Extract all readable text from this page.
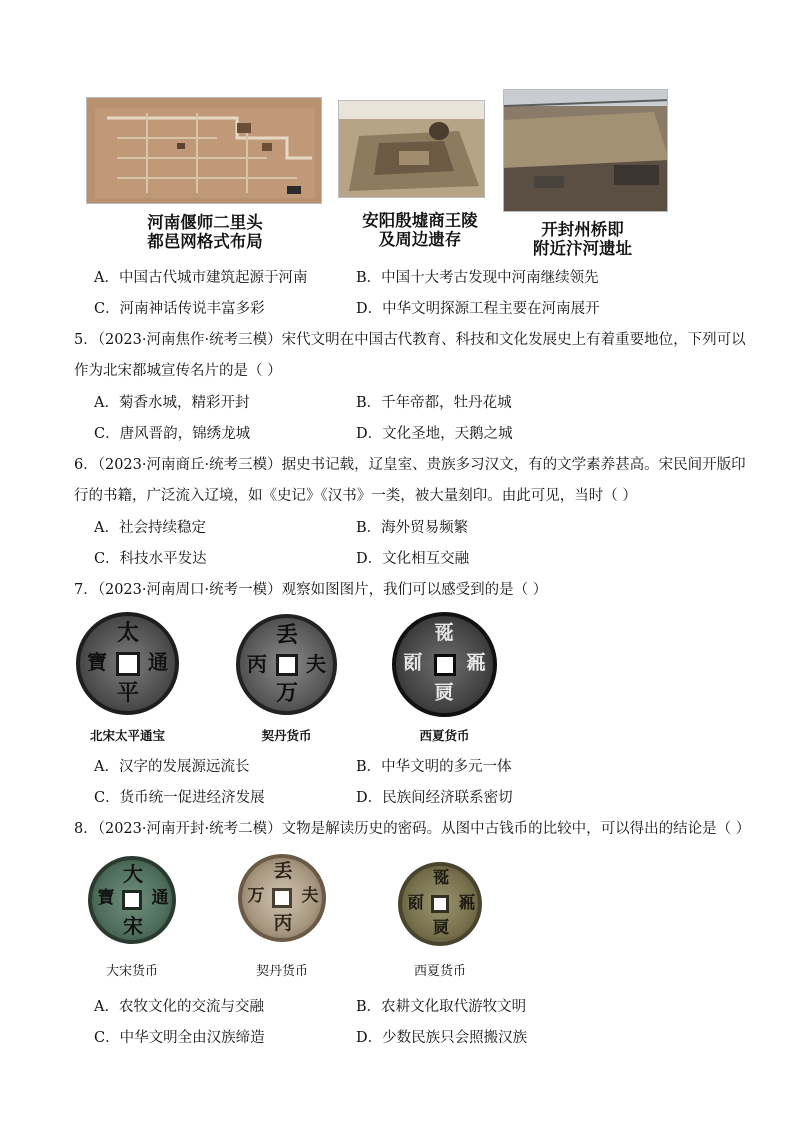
河南偃师二里头
都邑网格式布局
安阳殷墟商王陵
及周边遗存
开封州桥即
附近汴河遗址
A．中国古代城市建筑起源于河南	B．中国十大考古发现中河南继续领先
C．河南神话传说丰富多彩	D．中华文明探源工程主要在河南展开
5．（2023·河南焦作·统考三模）宋代文明在中国古代教育、科技和文化发展史上有着重要地位，下列可以
作为北宋都城宣传名片的是（ ）
A．菊香水城，精彩开封	B．千年帝都，牡丹花城
C．唐风晋韵，锦绣龙城	D．文化圣地，天鹅之城
6．（2023·河南商丘·统考三模）据史书记载，辽皇室、贵族多习汉文，有的文学素养甚高。宋民间开版印
行的书籍，广泛流入辽境，如《史记》《汉书》一类，被大量刻印。由此可见，当时（ ）
A．社会持续稳定	B．海外贸易频繁
C．科技水平发达	D．文化相互交融
7．（2023·河南周口·统考一模）观察如图图片，我们可以感受到的是（ ）
太
寶 通
平
北宋太平通宝
丢
丙 夫
万
契丹货币
𗀔
𗀃 𗀐
𗀁
西夏货币
A．汉字的发展源远流长	B．中华文明的多元一体
C．货币统一促进经济发展	D．民族间经济联系密切
8．（2023·河南开封·统考二模）文物是解读历史的密码。从图中古钱币的比较中，可以得出的结论是（ ）
大
寶 通
宋
大宋货币
丢
万 夫
丙
契丹货币
𗀔
𗀃 𗀐
𗀁
西夏货币
A．农牧文化的交流与交融	B．农耕文化取代游牧文明
C．中华文明全由汉族缔造	D．少数民族只会照搬汉族
